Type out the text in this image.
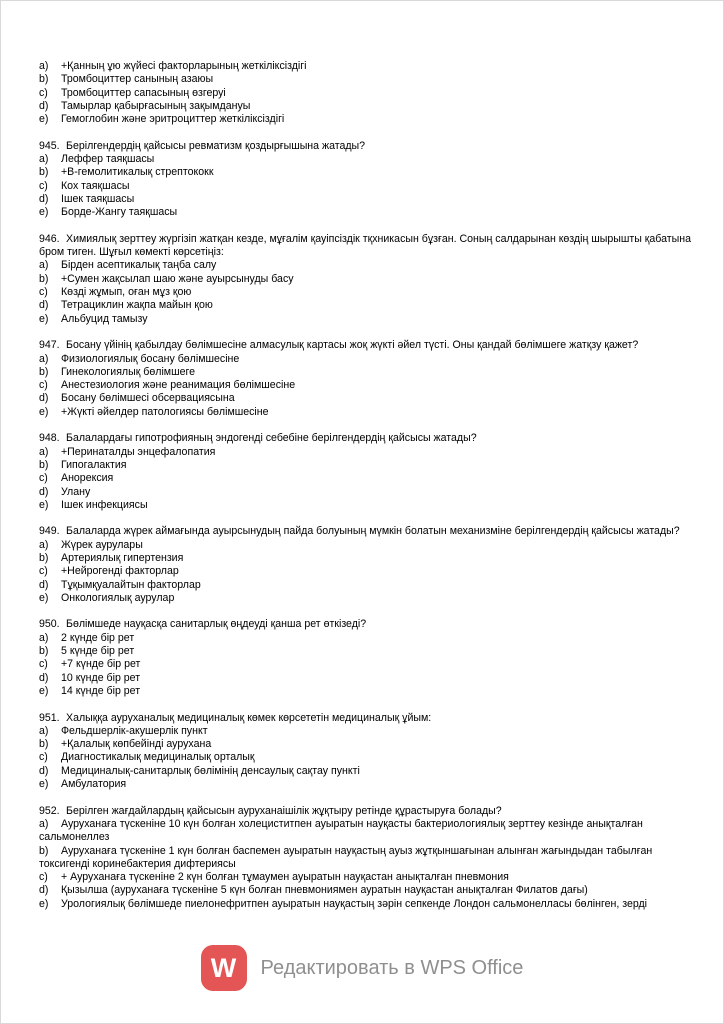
a) +Қанның ұю жүйесі факторларының жеткіліксіздігі
b) Тромбоциттер санының азаюы
c) Тромбоциттер сапасының өзгеруі
d) Тамырлар қабырғасының зақымдануы
e) Гемоглобин және эритроциттер жеткіліксіздігі
945. Берілгендердің қайсысы ревматизм қоздырғышына жатады?
a) Леффер таяқшасы
b) +В-гемолитикалық стрептококк
c) Кох таяқшасы
d) Ішек таяқшасы
e) Борде-Жангу таяқшасы
946. Химиялық зерттеу жүргізіп жатқан кезде, мұғалім қауіпсіздік тқхникасын бұзған. Соның салдарынан көздің шырышты қабатына бром тиген. Шұғыл көмекті көрсетіңіз:
a) Бірден асептикалық таңба салу
b) +Сумен жақсылап шаю және ауырсынуды басу
c) Көзді жұмып, оған мұз қою
d) Тетрациклин жақпа майын қою
e) Альбуцид тамызу
947. Босану үйінің қабылдау бөлімшесіне алмасулық картасы жоқ жүкті әйел түсті. Оны қандай бөлімшеге жатқзу қажет?
a) Физиологиялық босану бөлімшесіне
b) Гинекологиялық бөлімшеге
c) Анестезиология және реанимация бөлімшесіне
d) Босану бөлімшесі обсервациясына
e) +Жүкті әйелдер патологиясы бөлімшесіне
948. Балалардағы гипотрофияның эндогенді себебіне берілгендердің қайсысы жатады?
a) +Перинаталды энцефалопатия
b) Гипогалактия
c) Анорексия
d) Улану
e) Ішек инфекциясы
949. Балаларда жүрек аймағында ауырсынудың пайда болуының мүмкін болатын механизміне берілгендердің қайсысы жатады?
a) Жүрек аурулары
b) Артериялық гипертензия
c) +Нейрогенді факторлар
d) Тұқымқуалайтын факторлар
e) Онкологиялық аурулар
950. Бөлімшеде науқасқа санитарлық өңдеуді қанша рет өткізеді?
a) 2 күнде бір рет
b) 5 күнде бір рет
c) +7 күнде бір рет
d) 10 күнде бір рет
e) 14 күнде бір рет
951. Халыққа ауруханалық медициналық көмек көрсететін медициналық ұйым:
a) Фельдшерлік-акушерлік пункт
b) +Қалалық көпбейінді аурухана
c) Диагностикалық медициналық орталық
d) Медициналық-санитарлық бөлімінің денсаулық сақтау пункті
e) Амбулатория
952. Берілген жағдайлардың қайсысын ауруханаішілік жұқтыру ретінде құрастыруға болады?
a) Ауруханаға түскеніне 10 күн болған холециститпен ауыратын науқасты бактериологиялық зерттеу кезінде анықталған сальмонеллез
b) Ауруханаға түскеніне 1 күн болған баспемен ауыратын науқастың ауыз жұтқыншағынан алынған жағындыдан табылған токсигенді коринебактерия дифтериясы
c) + Ауруханаға түскеніне 2 күн болған тұмаумен ауыратын науқастан анықталған пневмония
d) Қызылша (ауруханаға түскеніне 5 күн болған пневмониямен ауратын науқастан анықталған Филатов дағы)
e) Урологиялық бөлімшеде пиелонефритпен ауыратын науқастың зәрін сепкенде Лондон сальмонелласы бөлінген, зерді
W Редактировать в WPS Office
